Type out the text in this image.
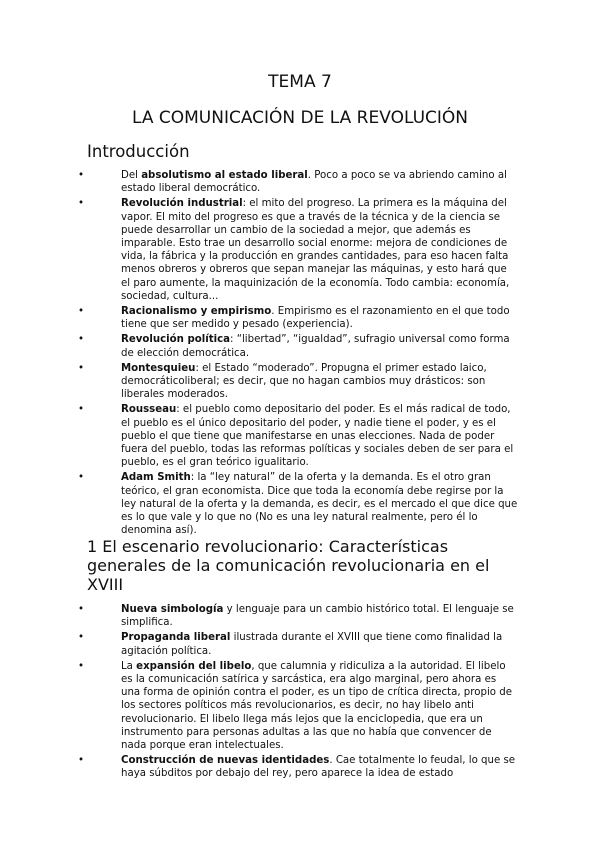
TEMA 7
LA COMUNICACIÓN DE LA REVOLUCIÓN
Introducción
•	Del absolutismo al estado liberal. Poco a poco se va abriendo camino al estado liberal democrático.
•	Revolución industrial: el mito del progreso. La primera es la máquina del vapor. El mito del progreso es que a través de la técnica y de la ciencia se puede desarrollar un cambio de la sociedad a mejor, que además es imparable. Esto trae un desarrollo social enorme: mejora de condiciones de vida, la fábrica y la producción en grandes cantidades, para eso hacen falta menos obreros y obreros que sepan manejar las máquinas, y esto hará que el paro aumente, la maquinización de la economía. Todo cambia: economía, sociedad, cultura...
•	Racionalismo y empirismo. Empirismo es el razonamiento en el que todo tiene que ser medido y pesado (experiencia).
•	Revolución política: “libertad”, “igualdad”, sufragio universal como forma de elección democrática.
•	Montesquieu: el Estado “moderado”. Propugna el primer estado laico, democráticoliberal; es decir, que no hagan cambios muy drásticos: son liberales moderados.
•	Rousseau: el pueblo como depositario del poder. Es el más radical de todo, el pueblo es el único depositario del poder, y nadie tiene el poder, y es el pueblo el que tiene que manifestarse en unas elecciones. Nada de poder fuera del pueblo, todas las reformas políticas y sociales deben de ser para el pueblo, es el gran teórico igualitario.
•	Adam Smith: la “ley natural” de la oferta y la demanda. Es el otro gran teórico, el gran economista. Dice que toda la economía debe regirse por la ley natural de la oferta y la demanda, es decir, es el mercado el que dice que es lo que vale y lo que no (No es una ley natural realmente, pero él lo denomina así).
1 El escenario revolucionario: Características generales de la comunicación revolucionaria en el XVIII
•	Nueva simbología y lenguaje para un cambio histórico total. El lenguaje se simplifica.
•	Propaganda liberal ilustrada durante el XVIII que tiene como finalidad la agitación política.
•	La expansión del libelo, que calumnia y ridiculiza a la autoridad. El libelo es la comunicación satírica y sarcástica, era algo marginal, pero ahora es una forma de opinión contra el poder, es un tipo de crítica directa, propio de los sectores políticos más revolucionarios, es decir, no hay libelo anti revolucionario. El libelo llega más lejos que la enciclopedia, que era un instrumento para personas adultas a las que no había que convencer de nada porque eran intelectuales.
•	Construcción de nuevas identidades. Cae totalmente lo feudal, lo que se haya súbditos por debajo del rey, pero aparece la idea de estado
